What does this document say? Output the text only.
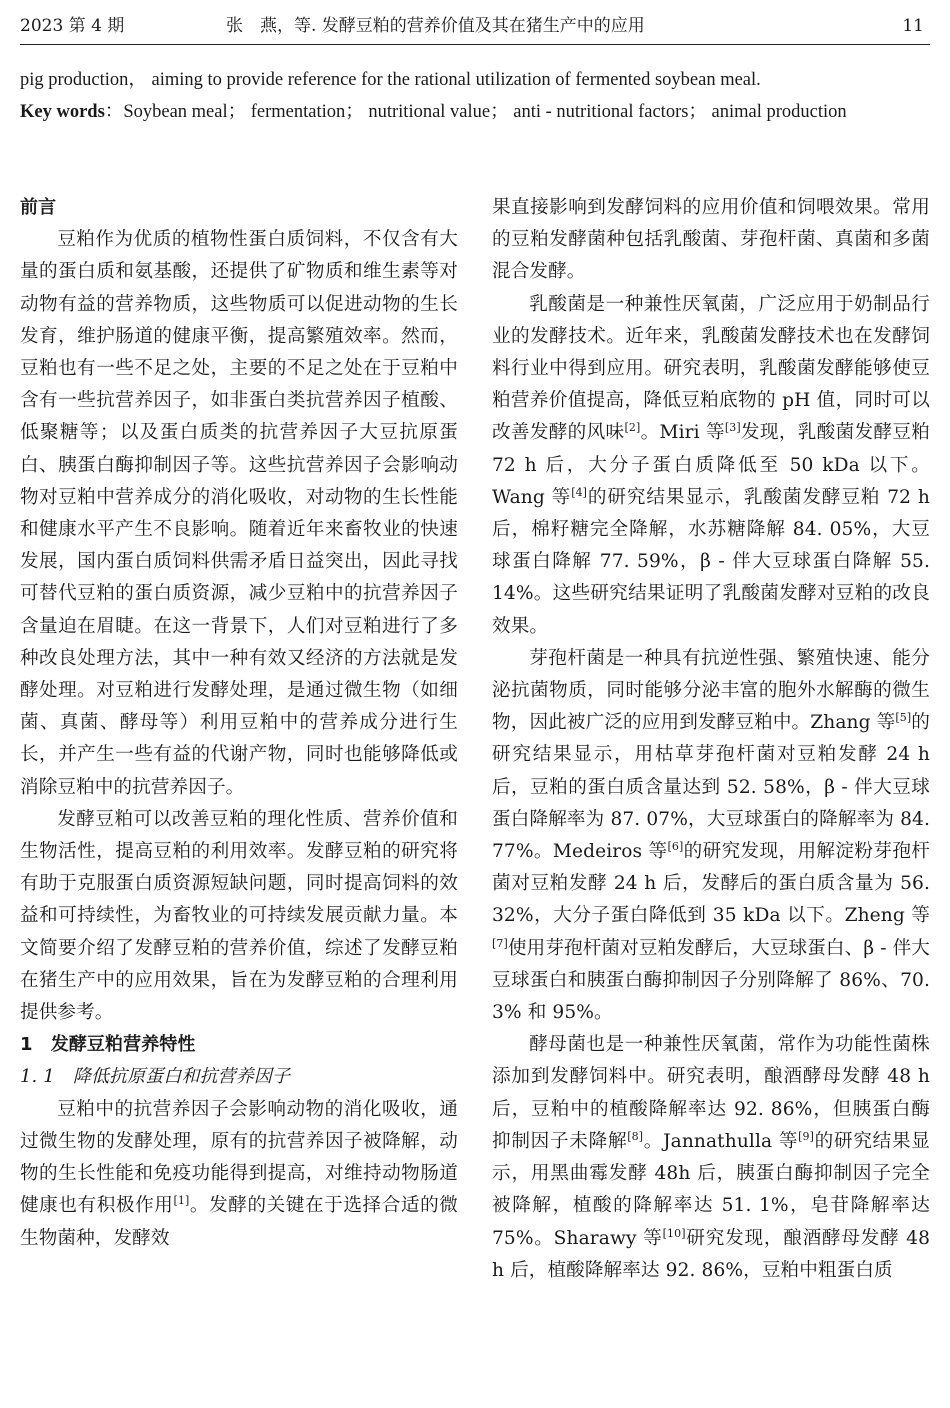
2023 第 4 期	张　燕，等. 发酵豆粕的营养价值及其在猪生产中的应用	11

pig production， aiming to provide reference for the rational utilization of fermented soybean meal.

Key words：Soybean meal； fermentation； nutritional value； anti - nutritional factors； animal production

前言

豆粕作为优质的植物性蛋白质饲料，不仅含有大量的蛋白质和氨基酸，还提供了矿物质和维生素等对动物有益的营养物质，这些物质可以促进动物的生长发育，维护肠道的健康平衡，提高繁殖效率。然而，豆粕也有一些不足之处，主要的不足之处在于豆粕中含有一些抗营养因子，如非蛋白类抗营养因子植酸、低聚糖等；以及蛋白质类的抗营养因子大豆抗原蛋白、胰蛋白酶抑制因子等。这些抗营养因子会影响动物对豆粕中营养成分的消化吸收，对动物的生长性能和健康水平产生不良影响。随着近年来畜牧业的快速发展，国内蛋白质饲料供需矛盾日益突出，因此寻找可替代豆粕的蛋白质资源，减少豆粕中的抗营养因子含量迫在眉睫。在这一背景下，人们对豆粕进行了多种改良处理方法，其中一种有效又经济的方法就是发酵处理。对豆粕进行发酵处理，是通过微生物（如细菌、真菌、酵母等）利用豆粕中的营养成分进行生长，并产生一些有益的代谢产物，同时也能够降低或消除豆粕中的抗营养因子。

发酵豆粕可以改善豆粕的理化性质、营养价值和生物活性，提高豆粕的利用效率。发酵豆粕的研究将有助于克服蛋白质资源短缺问题，同时提高饲料的效益和可持续性，为畜牧业的可持续发展贡献力量。本文简要介绍了发酵豆粕的营养价值，综述了发酵豆粕在猪生产中的应用效果，旨在为发酵豆粕的合理利用提供参考。

1　发酵豆粕营养特性
1. 1　降低抗原蛋白和抗营养因子

豆粕中的抗营养因子会影响动物的消化吸收，通过微生物的发酵处理，原有的抗营养因子被降解，动物的生长性能和免疫功能得到提高，对维持动物肠道健康也有积极作用[1]。发酵的关键在于选择合适的微生物菌种，发酵效

果直接影响到发酵饲料的应用价值和饲喂效果。常用的豆粕发酵菌种包括乳酸菌、芽孢杆菌、真菌和多菌混合发酵。

乳酸菌是一种兼性厌氧菌，广泛应用于奶制品行业的发酵技术。近年来，乳酸菌发酵技术也在发酵饲料行业中得到应用。研究表明，乳酸菌发酵能够使豆粕营养价值提高，降低豆粕底物的 pH 值，同时可以改善发酵的风味[2]。Miri 等[3]发现，乳酸菌发酵豆粕 72 h 后，大分子蛋白质降低至 50 kDa 以下。Wang 等[4]的研究结果显示，乳酸菌发酵豆粕 72 h 后，棉籽糖完全降解，水苏糖降解 84. 05%，大豆球蛋白降解 77. 59%，β - 伴大豆球蛋白降解 55. 14%。这些研究结果证明了乳酸菌发酵对豆粕的改良效果。

芽孢杆菌是一种具有抗逆性强、繁殖快速、能分泌抗菌物质，同时能够分泌丰富的胞外水解酶的微生物，因此被广泛的应用到发酵豆粕中。Zhang 等[5]的研究结果显示，用枯草芽孢杆菌对豆粕发酵 24 h 后，豆粕的蛋白质含量达到 52. 58%，β - 伴大豆球蛋白降解率为 87. 07%，大豆球蛋白的降解率为 84. 77%。Medeiros 等[6]的研究发现，用解淀粉芽孢杆菌对豆粕发酵 24 h 后，发酵后的蛋白质含量为 56. 32%，大分子蛋白降低到 35 kDa 以下。Zheng 等[7]使用芽孢杆菌对豆粕发酵后，大豆球蛋白、β - 伴大豆球蛋白和胰蛋白酶抑制因子分别降解了 86%、70. 3% 和 95%。

酵母菌也是一种兼性厌氧菌，常作为功能性菌株添加到发酵饲料中。研究表明，酿酒酵母发酵 48 h 后，豆粕中的植酸降解率达 92. 86%，但胰蛋白酶抑制因子未降解[8]。Jannathulla 等[9]的研究结果显示，用黑曲霉发酵 48h 后，胰蛋白酶抑制因子完全被降解，植酸的降解率达 51. 1%，皂苷降解率达 75%。Sharawy 等[10]研究发现，酿酒酵母发酵 48 h 后，植酸降解率达 92. 86%，豆粕中粗蛋白质
